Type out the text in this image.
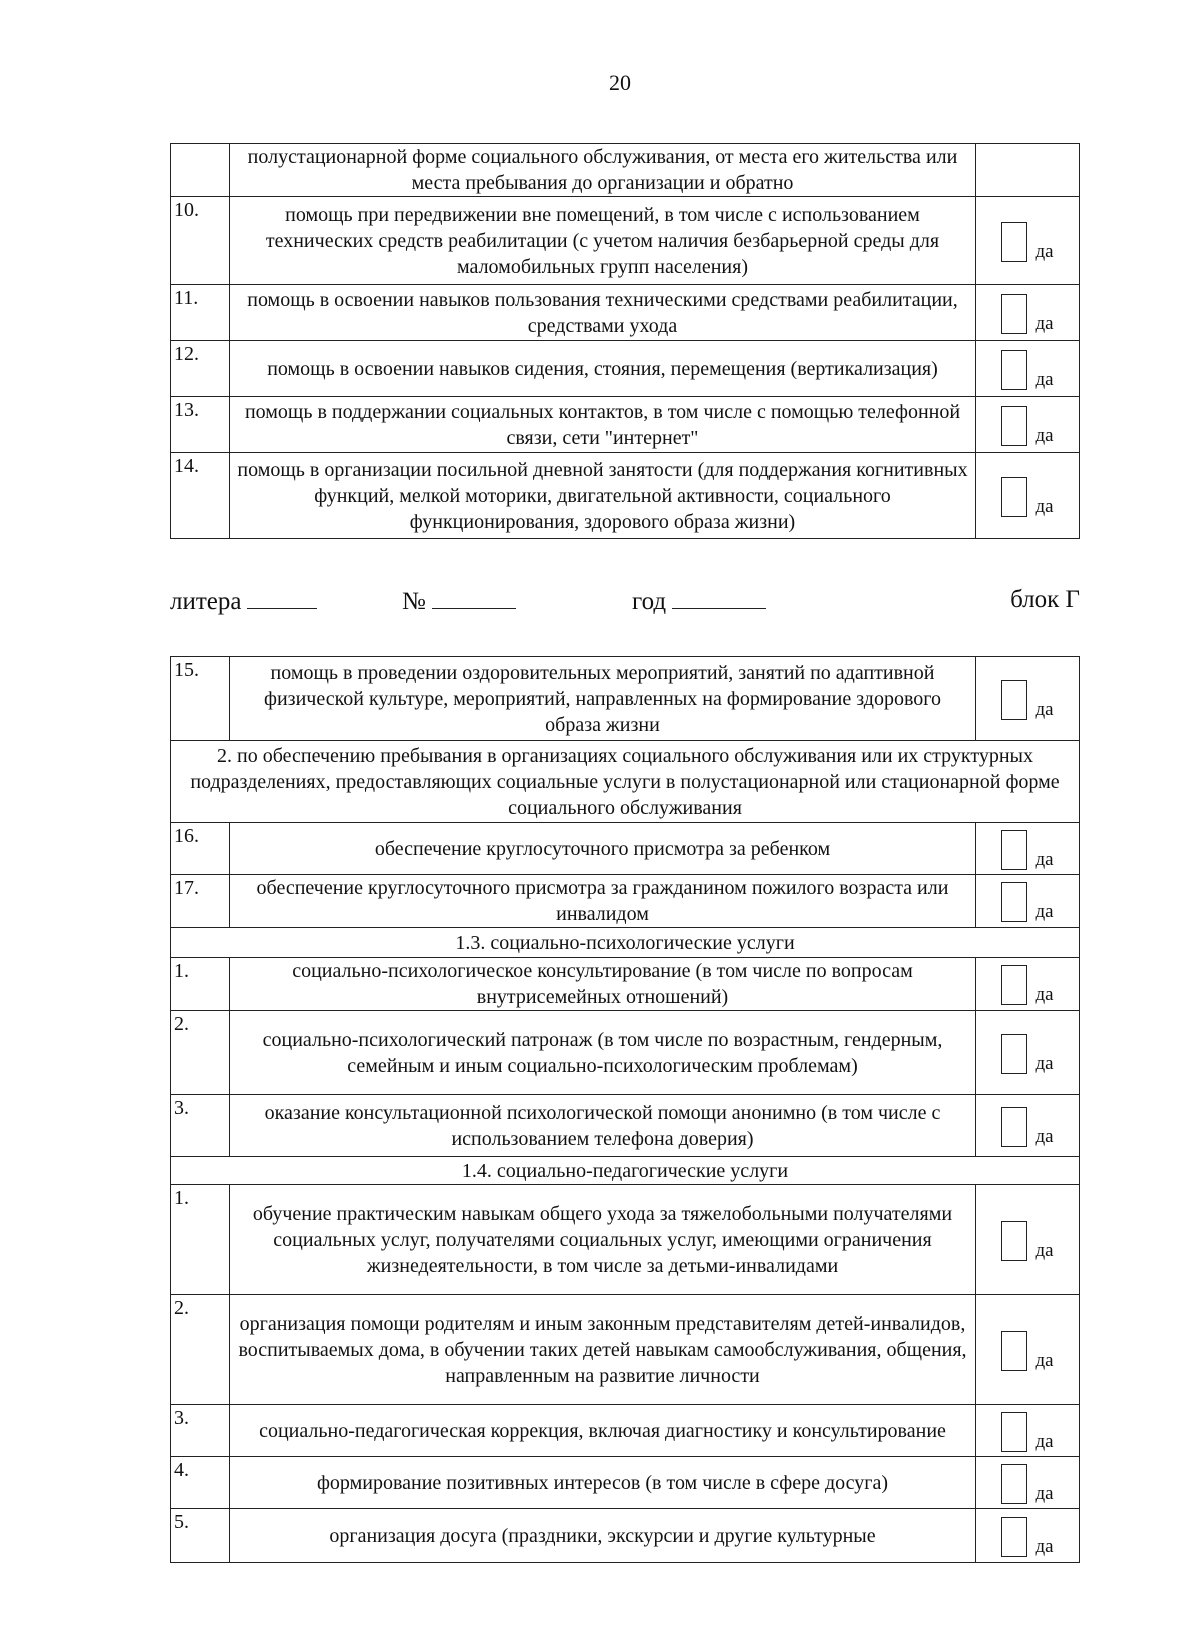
20
	полустационарной форме социального обслуживания, от места его жительства или места пребывания до организации и обратно	
10.	помощь при передвижении вне помещений, в том числе с использованием технических средств реабилитации (с учетом наличия безбарьерной среды для маломобильных групп населения)	да

11.	помощь в освоении навыков пользования техническими средствами реабилитации, средствами ухода	да

12.	помощь в освоении навыков сидения, стояния, перемещения (вертикализация)	да

13.	помощь в поддержании социальных контактов, в том числе с помощью телефонной связи, сети "интернет"	да

14.	помощь в организации посильной дневной занятости (для поддержания когнитивных функций, мелкой моторики, двигательной активности, социального функционирования, здорового образа жизни)	да
литера	№	год	блок Г
15.	помощь в проведении оздоровительных мероприятий, занятий по адаптивной физической культуре, мероприятий, направленных на формирование здорового образа жизни	да

2. по обеспечению пребывания в организациях социального обслуживания или их структурных подразделениях, предоставляющих социальные услуги в полустационарной или стационарной форме социального обслуживания		
16.	обеспечение круглосуточного присмотра за ребенком	да

17.	обеспечение круглосуточного присмотра за гражданином пожилого возраста или инвалидом	да

1.3. социально-психологические услуги		
1.	социально-психологическое консультирование (в том числе по вопросам внутрисемейных отношений)	да

2.	социально-психологический патронаж (в том числе по возрастным, гендерным, семейным и иным социально-психологическим проблемам)	да

3.	оказание консультационной психологической помощи анонимно (в том числе с использованием телефона доверия)	да

1.4. социально-педагогические услуги		
1.	обучение практическим навыкам общего ухода за тяжелобольными получателями социальных услуг, получателями социальных услуг, имеющими ограничения жизнедеятельности, в том числе за детьми-инвалидами	да

2.	организация помощи родителям и иным законным представителям детей-инвалидов, воспитываемых дома, в обучении таких детей навыкам самообслуживания, общения, направленным на развитие личности	да

3.	социально-педагогическая коррекция, включая диагностику и консультирование	да

4.	формирование позитивных интересов (в том числе в сфере досуга)	да

5.	организация досуга (праздники, экскурсии и другие культурные	да
